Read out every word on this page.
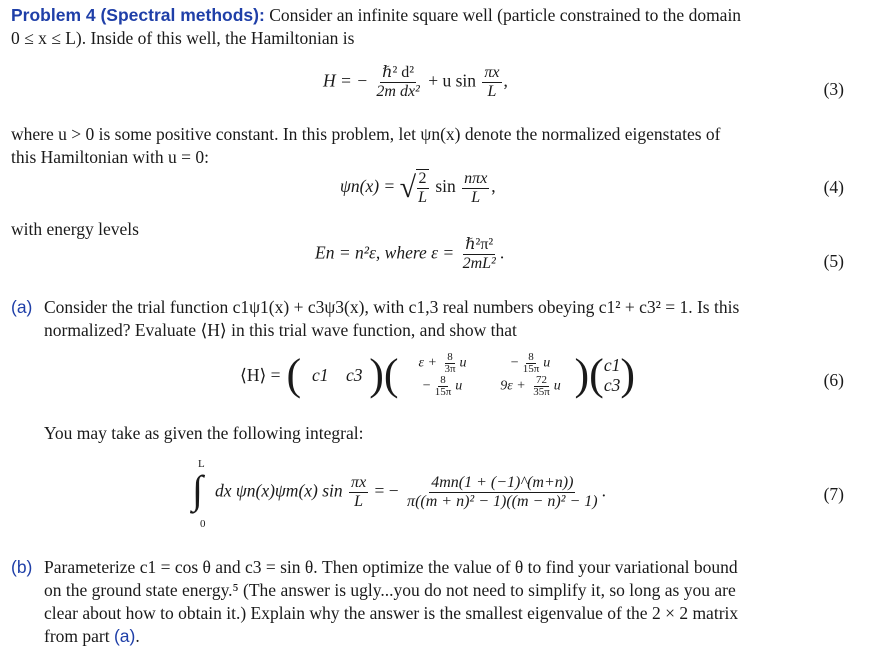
Problem 4 (Spectral methods): Consider an infinite square well (particle constrained to the domain
0 ≤ x ≤ L). Inside of this well, the Hamiltonian is
H = − $\frac{\text{ℏ² d²}}{\text{2m dx²}} + u$ $\sin \frac{\pi x}{L}$ ,	(3)
where u > 0 is some positive constant. In this problem, let ψn(x) denote the normalized eigenstates of
this Hamiltonian with u = 0:
ψn(x) = √ $\frac{2}{L}$ $\sin \frac{\text{nπx}}{L}$ ,	(4)
with energy levels
En = n²ε, where $\varepsilon = \frac{\text{ℏ²π²}}{\text{2mL²}}$ .	(5)
(a) Consider the trial function c1ψ1(x) + c3ψ3(x), with c1,3 real numbers obeying c1² + c3² = 1. Is this
normalized? Evaluate ⟨H⟩ in this trial wave function, and show that
⟨H⟩ = ( c1 c3 ) (	$\varepsilon + \frac{8}{3\pi}$ u	− $\frac{8}{15\pi}$ u
− $\frac{8}{15\pi}$ u	$9\varepsilon + \frac{72}{35\pi}$ u ) ( c1
c3 )	(6)
You may take as given the following integral:
L
0
∫ dx ψn(x)ψm(x) $\sin \frac{\pi x}{L}$ = − $\frac{4mn(1 + (-1)\^{}(m+n))}{\text{π((m + n)² − 1)((m − n)² − 1)}}$ .	(7)
(b) Parameterize c1 = cos θ and c3 = sin θ. Then optimize the value of θ to find your variational bound
on the ground state energy.⁵ (The answer is ugly...you do not need to simplify it, so long as you are
clear about how to obtain it.) Explain why the answer is the smallest eigenvalue of the 2 × 2 matrix
from part (a).
